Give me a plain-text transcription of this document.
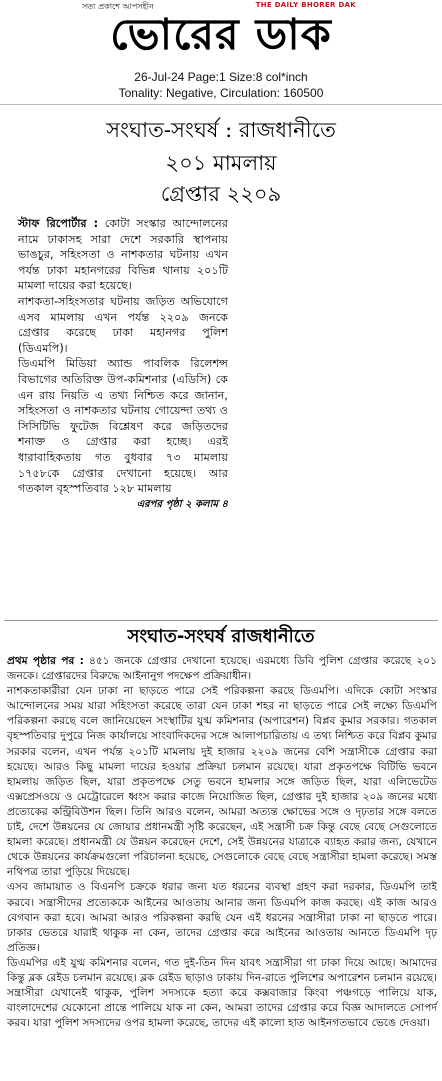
সত্য প্রকাশে আপসহীন	THE DAILY BHORER DAK
ভোরের ডাক
26-Jul-24 Page:1 Size:8 col*inch
Tonality: Negative, Circulation: 160500
সংঘাত-সংঘর্ষ : রাজধানীতে
২০১ মামলায়
গ্রেপ্তার ২২০৯

স্টাফ রিপোর্টার : কোটা সংস্কার আন্দোলনের নামে ঢাকাসহ সারা দেশে সরকারি স্থাপনায় ভাঙচুর, সহিংসতা ও নাশকতার ঘটনায় এখন পর্যন্ত ঢাকা মহানগরের বিভিন্ন থানায় ২০১টি মামলা দায়ের করা হয়েছে।

নাশকতা-সহিংসতার ঘটনায় জড়িত অভিযোগে এসব মামলায় এখন পর্যন্ত ২২০৯ জনকে গ্রেপ্তার করেছে ঢাকা মহানগর পুলিশ (ডিএমপি)।

ডিএমপি মিডিয়া অ্যান্ড পাবলিক রিলেশন্স বিভাগের অতিরিক্ত উপ-কমিশনার (এডিসি) কে এন রায় নিয়তি এ তথ্য নিশ্চিত করে জানান, সহিংসতা ও নাশকতার ঘটনায় গোয়েন্দা তথ্য ও সিসিটিভি ফুটেজ বিশ্লেষণ করে জড়িতদের শনাক্ত ও গ্রেপ্তার করা হচ্ছে। এরই ধারাবাহিকতায় গত বুধবার ৭৩ মামলায় ১৭৫৮কে গ্রেপ্তার দেখানো হয়েছে। আর গতকাল বৃহস্পতিবার ১২৮ মামলায়
এরপর পৃষ্ঠা ২ কলাম ৪

সংঘাত-সংঘর্ষ রাজধানীতে

প্রথম পৃষ্ঠার পর : ৪৫১ জনকে গ্রেপ্তার দেখানো হয়েছে। এরমধ্যে ডিবি পুলিশ গ্রেপ্তার করেছে ২০১ জনকে। গ্রেপ্তারদের বিরুদ্ধে আইনানুগ পদক্ষেপ প্রক্রিয়াধীন।

নাশকতাকারীরা যেন ঢাকা না ছাড়তে পারে সেই পরিকল্পনা করছে ডিএমপি। এদিকে কোটা সংস্কার আন্দোলনের সময় যারা সহিংসতা করেছে তারা যেন ঢাকা শহর না ছাড়তে পারে সেই লক্ষ্যে ডিএমপি পরিকল্পনা করছে বলে জানিয়েছেন সংস্থাটির যুগ্ম কমিশনার (অপারেশন) বিপ্লব কুমার সরকার। গতকাল বৃহস্পতিবার দুপুরে নিজ কার্যালয়ে সাংবাদিকদের সঙ্গে আলাপচারিতায় এ তথ্য নিশ্চিত করে বিপ্লব কুমার সরকার বলেন, এখন পর্যন্ত ২০১টি মামলায় দুই হাজার ২২০৯ জনের বেশি সন্ত্রাসীকে গ্রেপ্তার করা হয়েছে। আরও কিছু মামলা দায়ের হওয়ার প্রক্রিয়া চলমান রয়েছে। যারা প্রকৃতপক্ষে বিটিভি ভবনে হামলায় জড়িত ছিল, যারা প্রকৃতপক্ষে সেতু ভবনে হামলার সঙ্গে জড়িত ছিল, যারা এলিভেটেড এক্সপ্রেসওয়ে ও মেট্রোরেলে ধ্বংস করার কাজে নিয়োজিত ছিল, গ্রেপ্তার দুই হাজার ২০৯ জনের মধ্যে প্রত্যেকের কন্ট্রিবিউশন ছিল। তিনি আরও বলেন, আমরা অত্যন্ত ক্ষোভের সঙ্গে ও দৃঢ়তার সঙ্গে বলতে চাই, দেশে উন্নয়নের যে জোয়ার প্রধানমন্ত্রী সৃষ্টি করেছেন, এই সন্ত্রাসী চক্র কিন্তু বেছে বেছে সেগুলোতে হামলা করেছে। প্রধানমন্ত্রী যে উন্নয়ন করেছেন দেশে, সেই উন্নয়নের যাত্রাকে ব্যাহত করার জন্য, যেখানে থেকে উন্নয়নের কার্যক্রমগুলো পরিচালনা হয়েছে, সেগুলোকে বেছে বেছে সন্ত্রাসীরা হামলা করেছে। সমস্ত নথিপত্র তারা পুড়িয়ে দিয়েছে।

এসব জামায়াত ও বিএনপি চক্রকে ধরার জন্য যত ধরনের ব্যবস্থা গ্রহণ করা দরকার, ডিএমপি তাই করবে। সন্ত্রাসীদের প্রত্যেককে আইনের আওতায় আনার জন্য ডিএমপি কাজ করছে। এই কাজ আরও বেগবান করা হবে। আমরা আরও পরিকল্পনা করছি যেন এই ধরনের সন্ত্রাসীরা ঢাকা না ছাড়তে পারে। ঢাকার ভেতরে যারাই থাকুক না কেন, তাদের গ্রেপ্তার করে আইনের আওতায় আনতে ডিএমপি দৃঢ় প্রতিজ্ঞ।

ডিএমপির এই যুগ্ম কমিশনার বলেন, গত দুই-তিন দিন যাবৎ সন্ত্রাসীরা গা ঢাকা দিয়ে আছে। আমাদের কিন্তু ব্লক রেইড চলমান রয়েছে। ব্লক রেইড ছাড়াও ঢাকায় দিন-রাতে পুলিশের অপারেশন চলমান রয়েছে। সন্ত্রাসীরা যেখানেই থাকুক, পুলিশ সদস্যকে হত্যা করে কক্সবাজার কিংবা পঞ্চগড়ে পালিয়ে যাক, বাংলাদেশের যেকোনো প্রান্তে পালিয়ে যাক না কেন, আমরা তাদের গ্রেপ্তার করে বিজ্ঞ আদালতে সোপর্দ করব। যারা পুলিশ সদস্যদের ওপর হামলা করেছে, তাদের এই কালো হাত আইনগতভাবে ভেঙে দেওয়া।
